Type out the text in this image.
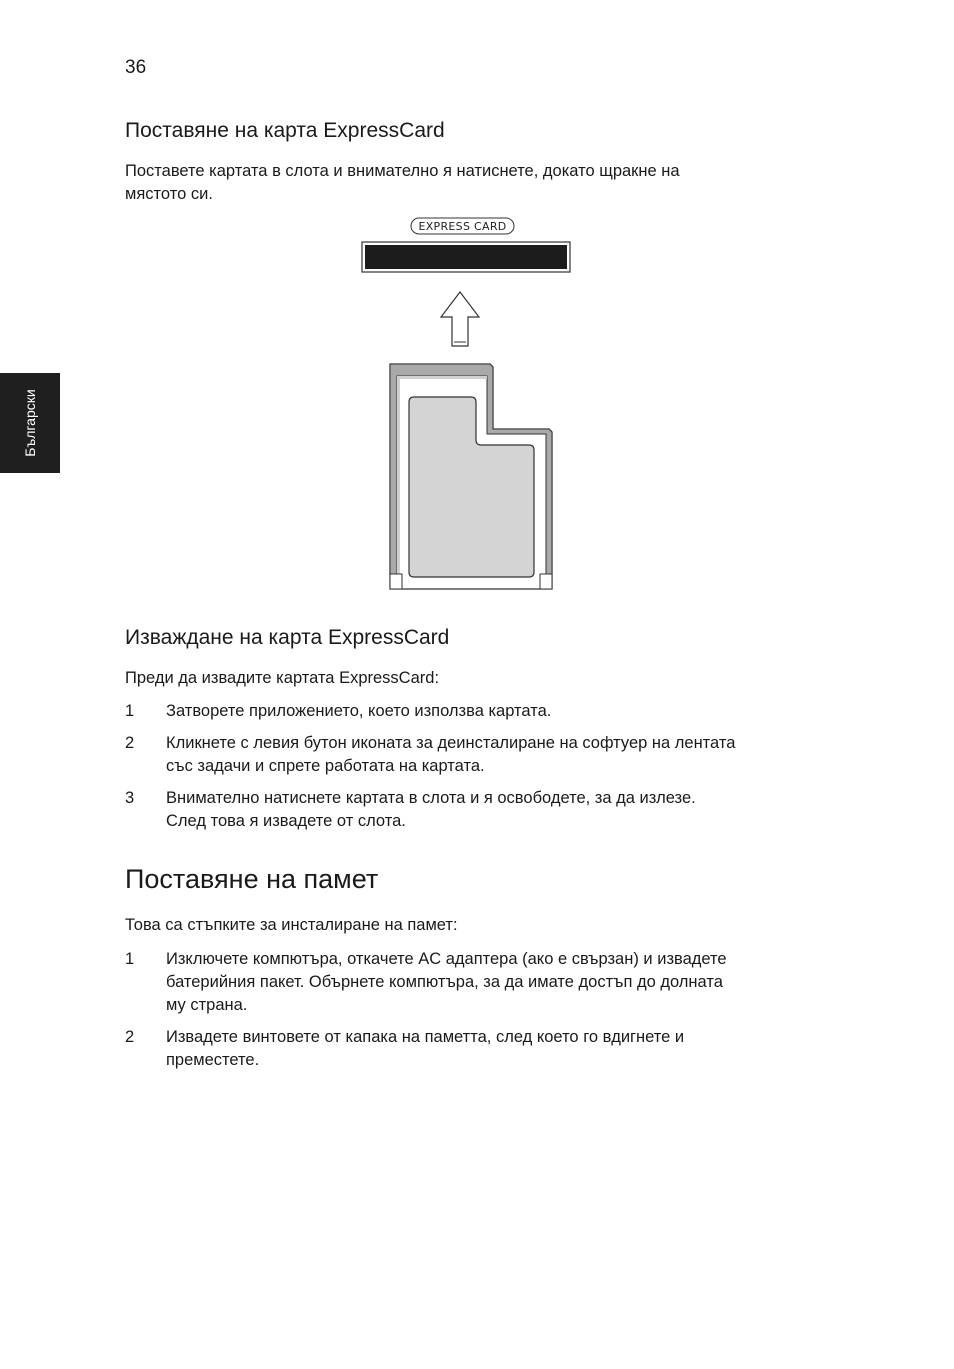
36
Български
Поставяне на карта ExpressCard
Поставете картата в слота и внимателно я натиснете, докато щракне на
мястото си.
EXPRESS CARD
Изваждане на карта ExpressCard
Преди да извадите картата ExpressCard:
1 Затворете приложението, което използва картата.
2 Кликнете с левия бутон иконата за деинсталиране на софтуер на лентата
със задачи и спрете работата на картата.
3 Внимателно натиснете картата в слота и я освободете, за да излезе.
След това я извадете от слота.
Поставяне на памет
Това са стъпките за инсталиране на памет:
1 Изключете компютъра, откачете AC адаптера (ако е свързан) и извадете
батерийния пакет. Обърнете компютъра, за да имате достъп до долната
му страна.
2 Извадете винтовете от капака на паметта, след което го вдигнете и
преместете.
